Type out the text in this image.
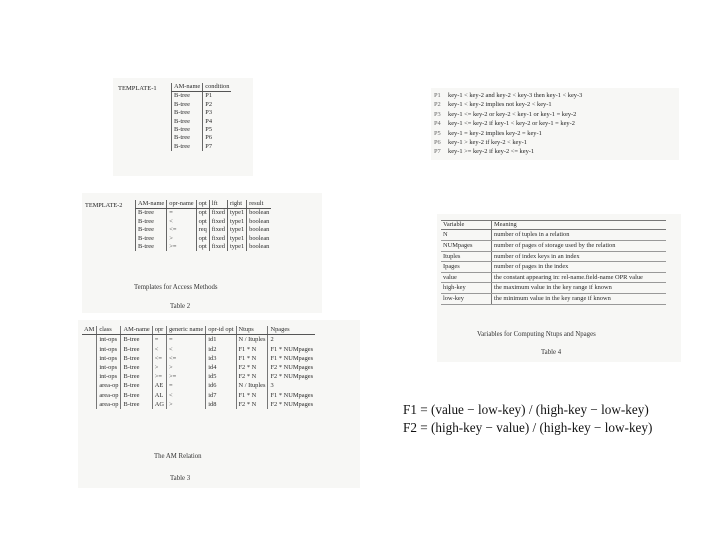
TEMPLATE-1	AM-name	condition
B-tree	P1
B-tree	P2
B-tree	P3
B-tree	P4
B-tree	P5
B-tree	P6
B-tree	P7
TEMPLATE-2 AM-name	opr-name	opt	lft	right	result
B-tree	=	opt	fixed	type1	boolean
B-tree	<	opt	fixed	type1	boolean
B-tree	<=	req	fixed	type1	boolean
B-tree	>	opt	fixed	type1	boolean
B-tree	>=	opt	fixed	type1	boolean
Templates for Access Methods
Table 2
AM	class	AM-name	opr	generic name	opr-id opt	Ntups	Npages
	int-ops	B-tree	=	=	id1	N / Ituples	2
	int-ops	B-tree	<	<	id2	F1 * N	F1 * NUMpages
	int-ops	B-tree	<=	<=	id3	F1 * N	F1 * NUMpages
	int-ops	B-tree	>	>	id4	F2 * N	F2 * NUMpages
	int-ops	B-tree	>=	>=	id5	F2 * N	F2 * NUMpages
	area-op	B-tree	AE	=	id6	N / Ituples	3
	area-op	B-tree	AL	<	id7	F1 * N	F1 * NUMpages
	area-op	B-tree	AG	>	id8	F2 * N	F2 * NUMpages
The AM Relation
Table 3
P1 key-1 < key-2 and key-2 < key-3 then key-1 < key-3
P2 key-1 < key-2 implies not key-2 < key-1
P3 key-1 <= key-2 or key-2 < key-1 or key-1 = key-2
P4 key-1 <= key-2 if key-1 < key-2 or key-1 = key-2
P5 key-1 = key-2 implies key-2 = key-1
P6 key-1 > key-2 if key-2 < key-1
P7 key-1 >= key-2 if key-2 <= key-1
Variable	Meaning
N	number of tuples in a relation
NUMpages	number of pages of storage used by the relation
Ituples	number of index keys in an index
Ipages	number of pages in the index
value	the constant appearing in: rel-name.field-name OPR value
high-key	the maximum value in the key range if known
low-key	the minimum value in the key range if known
Variables for Computing Ntups and Npages
Table 4
F1 = (value − low-key) / (high-key − low-key)
F2 = (high-key − value) / (high-key − low-key)
